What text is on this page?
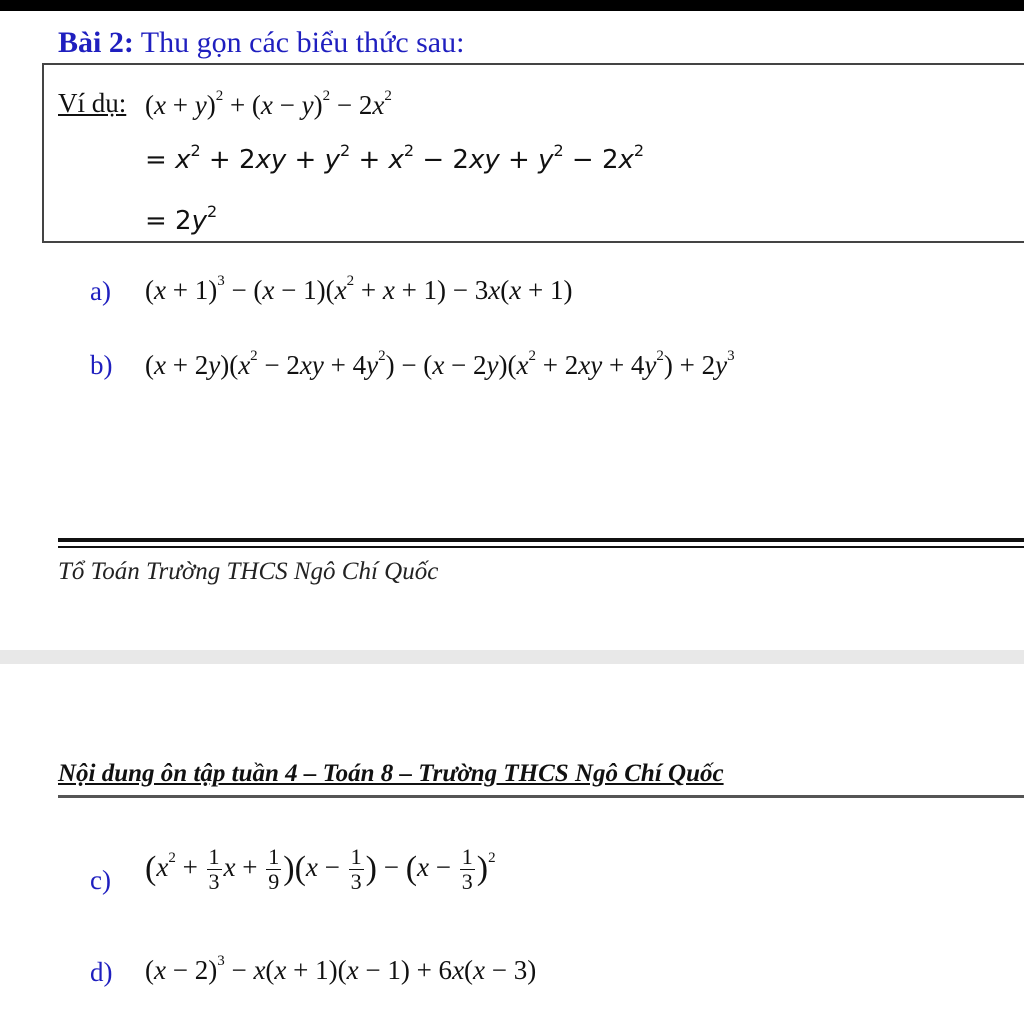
Bài 2: Thu gọn các biểu thức sau:
Ví dụ: $(x + y)^2 + (x - y)^2 - 2x^2$
= $x^2 + 2xy + y^2 + x^2 - 2xy + y^2 - 2x^2$
= $2y^2$
a) $(x + 1)^3 - (x - 1)(x^2 + x + 1) - 3x(x + 1)$
b) $(x + 2y)(x^2 - 2xy + 4y^2) - (x - 2y)(x^2 + 2xy + 4y^2) + 2y^3$
Tổ Toán Trường THCS Ngô Chí Quốc
Nội dung ôn tập tuần 4 – Toán 8 – Trường THCS Ngô Chí Quốc
c) ($x^2 + \frac{1}{3}$ $x + \frac{1}{9} )(x - \frac{1}{3}$ ) − $(x - \frac{1}{3} )^2$
d) $(x - 2)^3 - x(x + 1)(x - 1) + 6x(x - 3)$
